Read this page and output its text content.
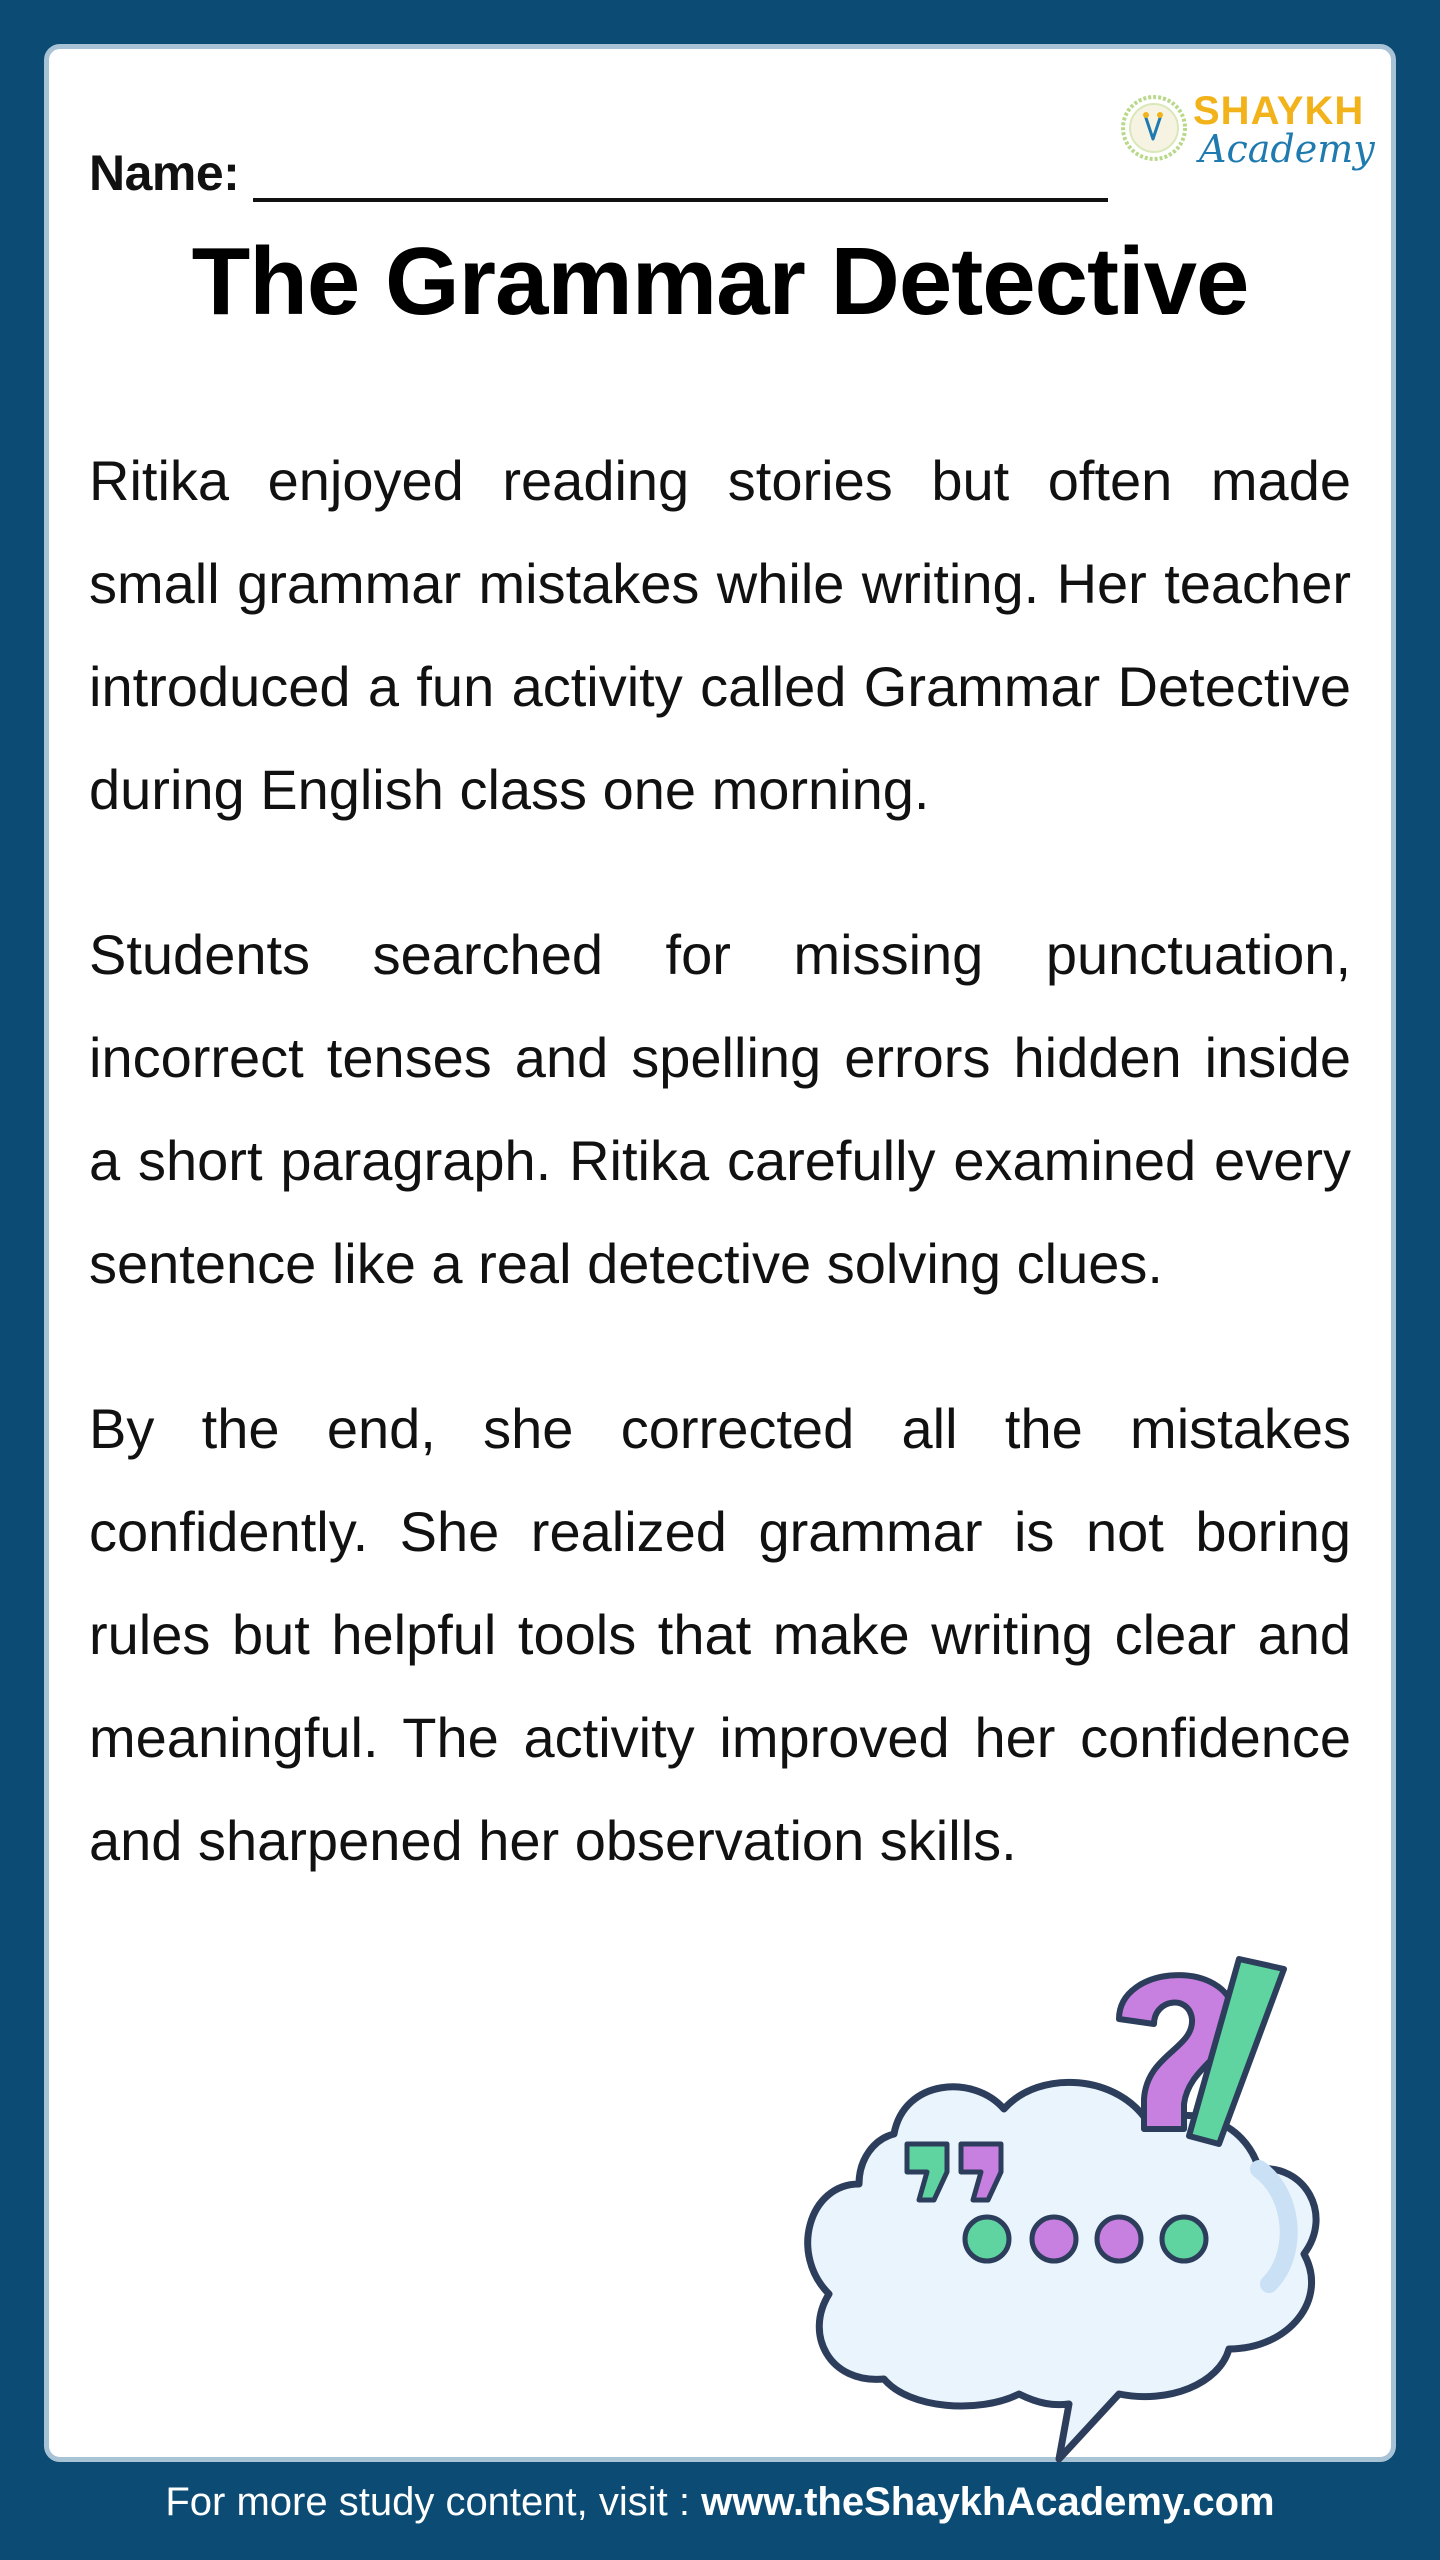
Name:
SHAYKH
Academy
The Grammar Detective

Ritika enjoyed reading stories but often made small grammar mistakes while writing. Her teacher introduced a fun activity called Grammar Detective during English class one morning.

Students searched for missing punctuation, incorrect tenses and spelling errors hidden inside a short paragraph. Ritika carefully examined every sentence like a real detective solving clues.

By the end, she corrected all the mistakes confidently. She realized grammar is not boring rules but helpful tools that make writing clear and meaningful. The activity improved her confidence and sharpened her observation skills.

For more study content, visit : www.theShaykhAcademy.com
